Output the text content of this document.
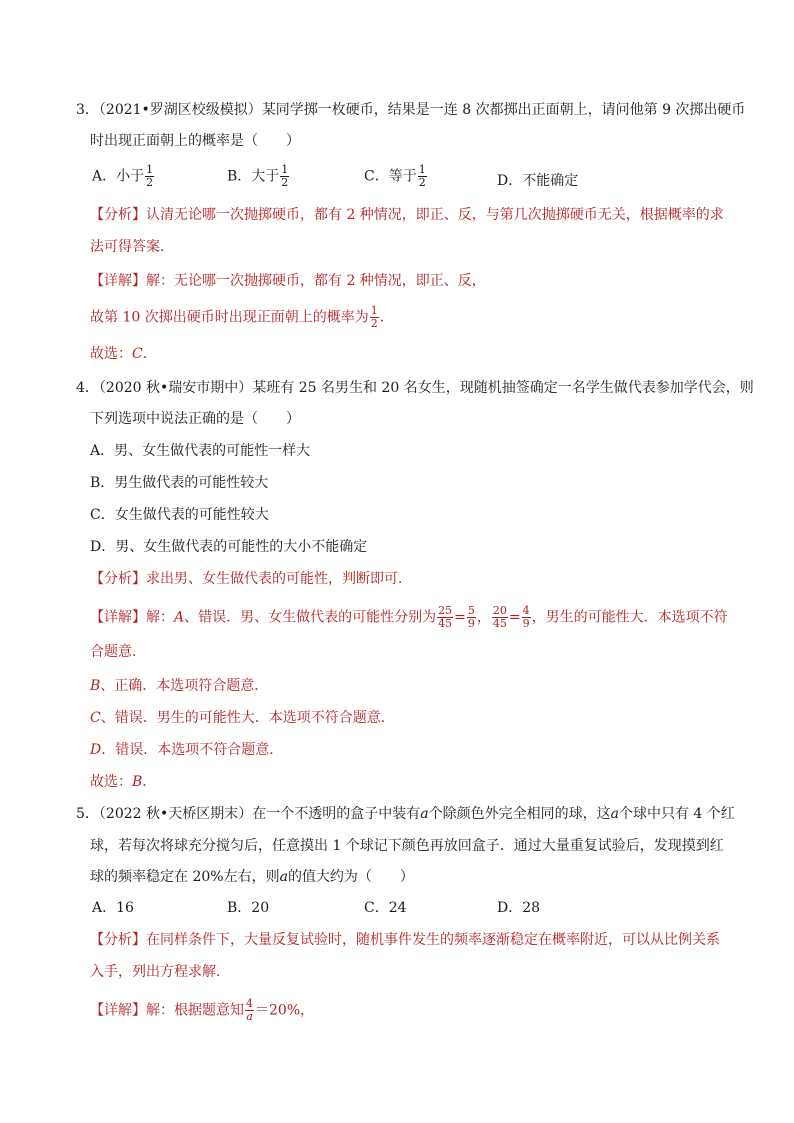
3．（2021•罗湖区校级模拟）某同学掷一枚硬币，结果是一连 8 次都掷出正面朝上，请问他第 9 次掷出硬币
时出现正面朝上的概率是（　　）
A．小于 $\frac{1}{2}$	B．大于 $\frac{1}{2}$	C．等于 $\frac{1}{2}$	D．不能确定
【分析】认清无论哪一次抛掷硬币，都有 2 种情况，即正、反，与第几次抛掷硬币无关，根据概率的求
法可得答案．
【详解】解：无论哪一次抛掷硬币，都有 2 种情况，即正、反，
故第 10 次掷出硬币时出现正面朝上的概率为 $\frac{1}{2}$ ．
故选：C．
4．（2020 秋•瑞安市期中）某班有 25 名男生和 20 名女生，现随机抽签确定一名学生做代表参加学代会，则
下列选项中说法正确的是（　　）
A．男、女生做代表的可能性一样大
B．男生做代表的可能性较大
C．女生做代表的可能性较大
D．男、女生做代表的可能性的大小不能确定
【分析】求出男、女生做代表的可能性，判断即可．
【详解】解：A、错误．男、女生做代表的可能性分别为 $\frac{25}{45} = \frac{5}{9}$ ， $\frac{20}{45} = \frac{4}{9}$ ，男生的可能性大．本选项不符
合题意．
B、正确．本选项符合题意．
C、错误．男生的可能性大．本选项不符合题意．
D．错误．本选项不符合题意．
故选：B．
5．（2022 秋•天桥区期末）在一个不透明的盒子中装有a个除颜色外完全相同的球，这a个球中只有 4 个红
球，若每次将球充分搅匀后，任意摸出 1 个球记下颜色再放回盒子．通过大量重复试验后，发现摸到红
球的频率稳定在 20%左右，则a的值大约为（　　）
A．16	B．20	C．24	D．28
【分析】在同样条件下，大量反复试验时，随机事件发生的频率逐渐稳定在概率附近，可以从比例关系
入手，列出方程求解．
【详解】解：根据题意知 $\frac{4}{a} =20\%$，
